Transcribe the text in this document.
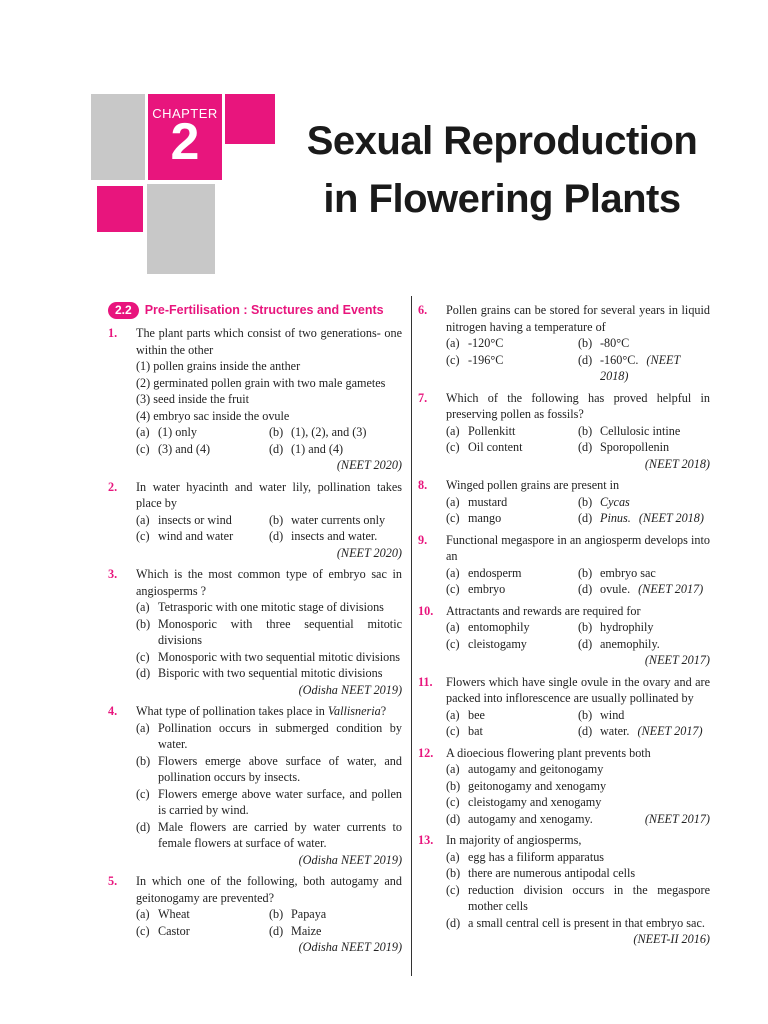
CHAPTER
2	Sexual Reproduction
in Flowering Plants
2.2	Pre-Fertilisation : Structures and Events
1.	The plant parts which consist of two generations- one within the other
(1) pollen grains inside the anther
(2) germinated pollen grain with two male gametes
(3) seed inside the fruit
(4) embryo sac inside the ovule
(a) (1) only	(b) (1), (2), and (3)
(c) (3) and (4)	(d) (1) and (4)
(NEET 2020)
2.	In water hyacinth and water lily, pollination takes place by
(a) insects or wind	(b) water currents only
(c) wind and water	(d) insects and water.
(NEET 2020)
3.	Which is the most common type of embryo sac in angiosperms ?
(a) Tetrasporic with one mitotic stage of divisions
(b) Monosporic with three sequential mitotic divisions
(c) Monosporic with two sequential mitotic divisions
(d) Bisporic with two sequential mitotic divisions
(Odisha NEET 2019)
4.	What type of pollination takes place in Vallisneria?
(a) Pollination occurs in submerged condition by water.
(b) Flowers emerge above surface of water, and pollination occurs by insects.
(c) Flowers emerge above water surface, and pollen is carried by wind.
(d) Male flowers are carried by water currents to female flowers at surface of water.
(Odisha NEET 2019)
5.	In which one of the following, both autogamy and geitonogamy are prevented?
(a) Wheat	(b) Papaya
(c) Castor	(d) Maize
(Odisha NEET 2019)
6.	Pollen grains can be stored for several years in liquid nitrogen having a temperature of
(a) -120°C	(b) -80°C
(c) -196°C	(d) -160°C. (NEET 2018)
7.	Which of the following has proved helpful in preserving pollen as fossils?
(a) Pollenkitt	(b) Cellulosic intine
(c) Oil content	(d) Sporopollenin
(NEET 2018)
8.	Winged pollen grains are present in
(a) mustard	(b) Cycas
(c) mango	(d) Pinus. (NEET 2018)
9.	Functional megaspore in an angiosperm develops into an
(a) endosperm	(b) embryo sac
(c) embryo	(d) ovule. (NEET 2017)
10.	Attractants and rewards are required for
(a) entomophily	(b) hydrophily
(c) cleistogamy	(d) anemophily.
(NEET 2017)
11.	Flowers which have single ovule in the ovary and are packed into inflorescence are usually pollinated by
(a) bee	(b) wind
(c) bat	(d) water. (NEET 2017)
12.	A dioecious flowering plant prevents both
(a) autogamy and geitonogamy
(b) geitonogamy and xenogamy
(c) cleistogamy and xenogamy
(d) autogamy and xenogamy.	(NEET 2017)
13.	In majority of angiosperms,
(a) egg has a filiform apparatus
(b) there are numerous antipodal cells
(c) reduction division occurs in the megaspore mother cells
(d) a small central cell is present in that embryo sac.
(NEET-II 2016)
